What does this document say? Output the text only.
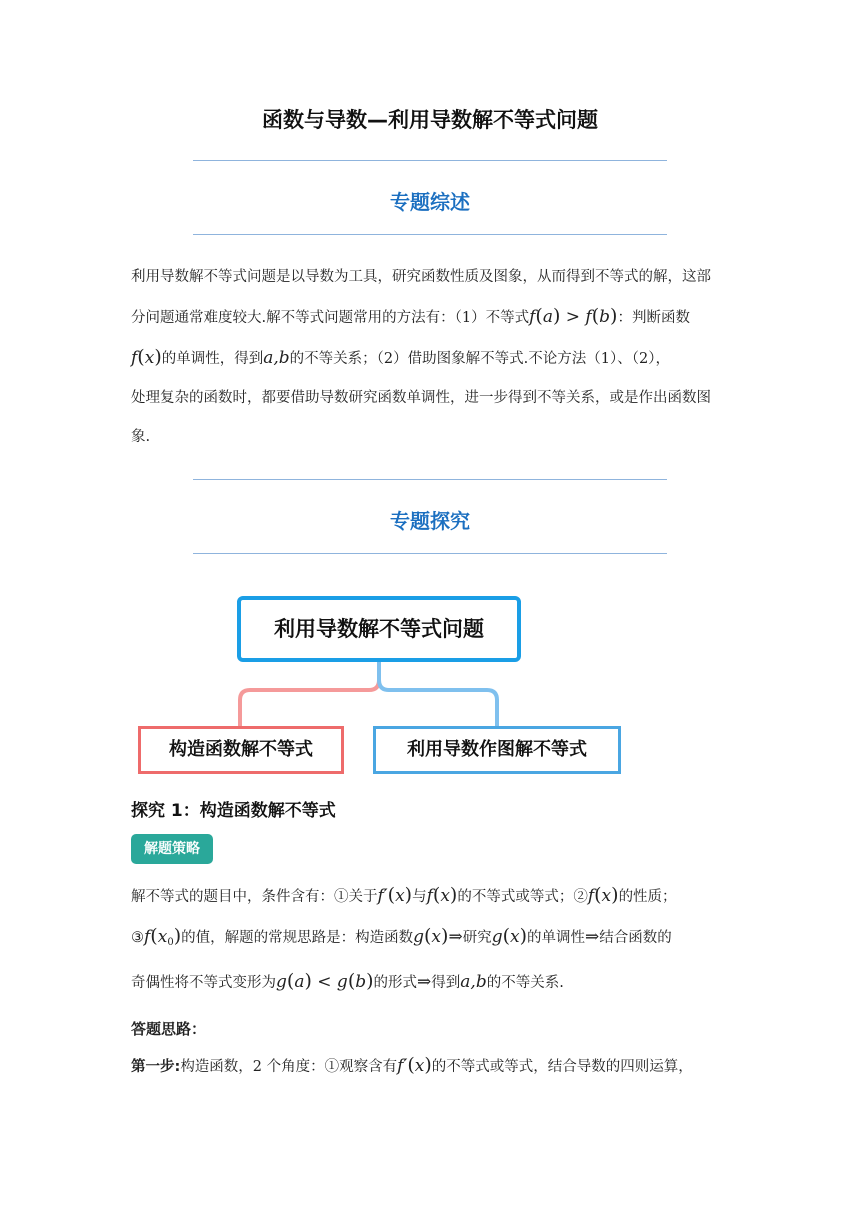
函数与导数—利用导数解不等式问题
专题综述

利用导数解不等式问题是以导数为工具，研究函数性质及图象，从而得到不等式的解，这部

分问题通常难度较大.解不等式问题常用的方法有：（1）不等式f(a) > f(b)：判断函数

f(x)的单调性，得到a,b的不等关系；（2）借助图象解不等式.不论方法（1）、（2），

处理复杂的函数时，都要借助导数研究函数单调性，进一步得到不等关系，或是作出函数图

象.

专题探究
利用导数解不等式问题
构造函数解不等式	利用导数作图解不等式
探究 1：构造函数解不等式
解题策略

解不等式的题目中，条件含有：①关于f′(x)与f(x)的不等式或等式；②f(x)的性质；

$③f(x_0)$的值，解题的常规思路是：构造函数g(x)⇒研究g(x)的单调性⇒结合函数的

奇偶性将不等式变形为g(a) < g(b)的形式⇒得到a,b的不等关系.

答题思路：

第一步:构造函数，2 个角度：①观察含有f′(x)的不等式或等式，结合导数的四则运算，
